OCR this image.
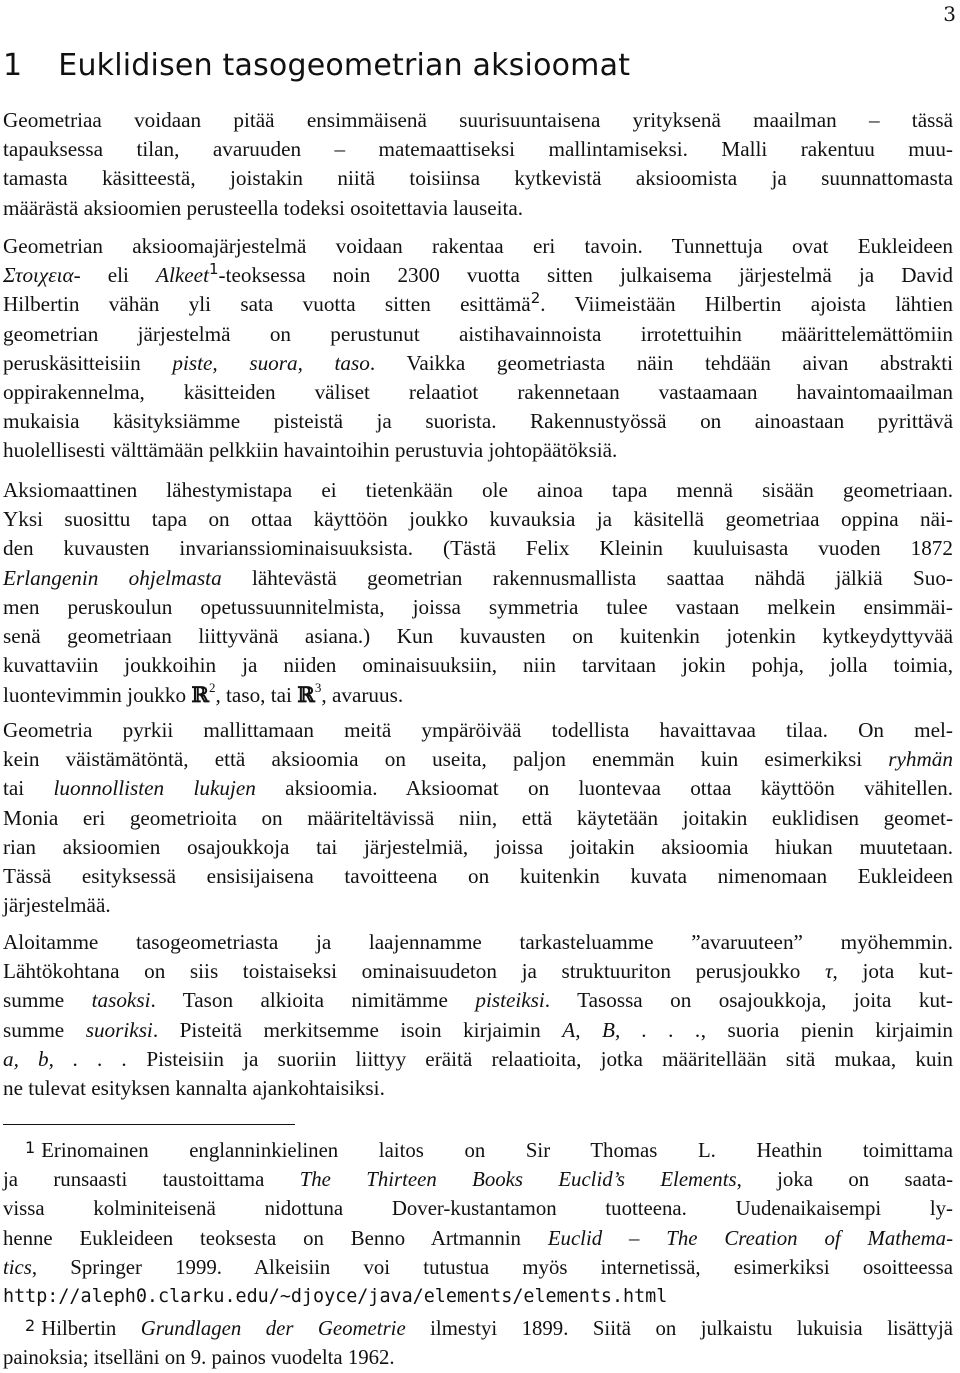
3
1 Euklidisen tasogeometrian aksioomat
Geometriaa voidaan pitää ensimmäisenä suurisuuntaisena yrityksenä maailman – tässä
tapauksessa tilan, avaruuden – matemaattiseksi mallintamiseksi. Malli rakentuu muu-
tamasta käsitteestä, joistakin niitä toisiinsa kytkevistä aksioomista ja suunnattomasta
määrästä aksioomien perusteella todeksi osoitettavia lauseita.
Geometrian aksioomajärjestelmä voidaan rakentaa eri tavoin. Tunnettuja ovat Eukleideen
Στοιχεια- eli Alkeet$^1$-teoksessa noin 2300 vuotta sitten julkaisema järjestelmä ja David
Hilbertin vähän yli sata vuotta sitten esittämä$^2$. Viimeistään Hilbertin ajoista lähtien
geometrian järjestelmä on perustunut aistihavainnoista irrotettuihin määrittelemättömiin
peruskäsitteisiin piste, suora, taso. Vaikka geometriasta näin tehdään aivan abstrakti
oppirakennelma, käsitteiden väliset relaatiot rakennetaan vastaamaan havaintomaailman
mukaisia käsityksiämme pisteistä ja suorista. Rakennustyössä on ainoastaan pyrittävä
huolellisesti välttämään pelkkiin havaintoihin perustuvia johtopäätöksiä.
Aksiomaattinen lähestymistapa ei tietenkään ole ainoa tapa mennä sisään geometriaan.
Yksi suosittu tapa on ottaa käyttöön joukko kuvauksia ja käsitellä geometriaa oppina näi-
den kuvausten invarianssiominaisuuksista. (Tästä Felix Kleinin kuuluisasta vuoden 1872
Erlangenin ohjelmasta lähtevästä geometrian rakennusmallista saattaa nähdä jälkiä Suo-
men peruskoulun opetussuunnitelmista, joissa symmetria tulee vastaan melkein ensimmäi-
senä geometriaan liittyvänä asiana.) Kun kuvausten on kuitenkin jotenkin kytkeydyttyvää
kuvattaviin joukkoihin ja niiden ominaisuuksiin, niin tarvitaan jokin pohja, jolla toimia,
luontevimmin joukko ℝ$^2$, taso, tai ℝ$^3$, avaruus.
Geometria pyrkii mallittamaan meitä ympäröivää todellista havaittavaa tilaa. On mel-
kein väistämätöntä, että aksioomia on useita, paljon enemmän kuin esimerkiksi ryhmän
tai luonnollisten lukujen aksioomia. Aksioomat on luontevaa ottaa käyttöön vähitellen.
Monia eri geometrioita on määriteltävissä niin, että käytetään joitakin euklidisen geomet-
rian aksioomien osajoukkoja tai järjestelmiä, joissa joitakin aksioomia hiukan muutetaan.
Tässä esityksessä ensisijaisena tavoitteena on kuitenkin kuvata nimenomaan Eukleideen
järjestelmää.
Aloitamme tasogeometriasta ja laajennamme tarkasteluamme ”avaruuteen” myöhemmin.
Lähtökohtana on siis toistaiseksi ominaisuudeton ja struktuuriton perusjoukko τ, jota kut-
summe tasoksi. Tason alkioita nimitämme pisteiksi. Tasossa on osajoukkoja, joita kut-
summe suoriksi. Pisteitä merkitsemme isoin kirjaimin A, B, . . ., suoria pienin kirjaimin
a, b, . . . Pisteisiin ja suoriin liittyy eräitä relaatioita, jotka määritellään sitä mukaa, kuin
ne tulevat esityksen kannalta ajankohtaisiksi.
1 Erinomainen englanninkielinen laitos on Sir Thomas L. Heathin toimittama
ja runsaasti taustoittama The Thirteen Books Euclid’s Elements, joka on saata-
vissa kolminiteisenä nidottuna Dover-kustantamon tuotteena. Uudenaikaisempi ly-
henne Eukleideen teoksesta on Benno Artmannin Euclid – The Creation of Mathema-
tics, Springer 1999. Alkeisiin voi tutustua myös internetissä, esimerkiksi osoitteessa
http://aleph0.clarku.edu/∼djoyce/java/elements/elements.html
2 Hilbertin Grundlagen der Geometrie ilmestyi 1899. Siitä on julkaistu lukuisia lisättyjä
painoksia; itselläni on 9. painos vuodelta 1962.
